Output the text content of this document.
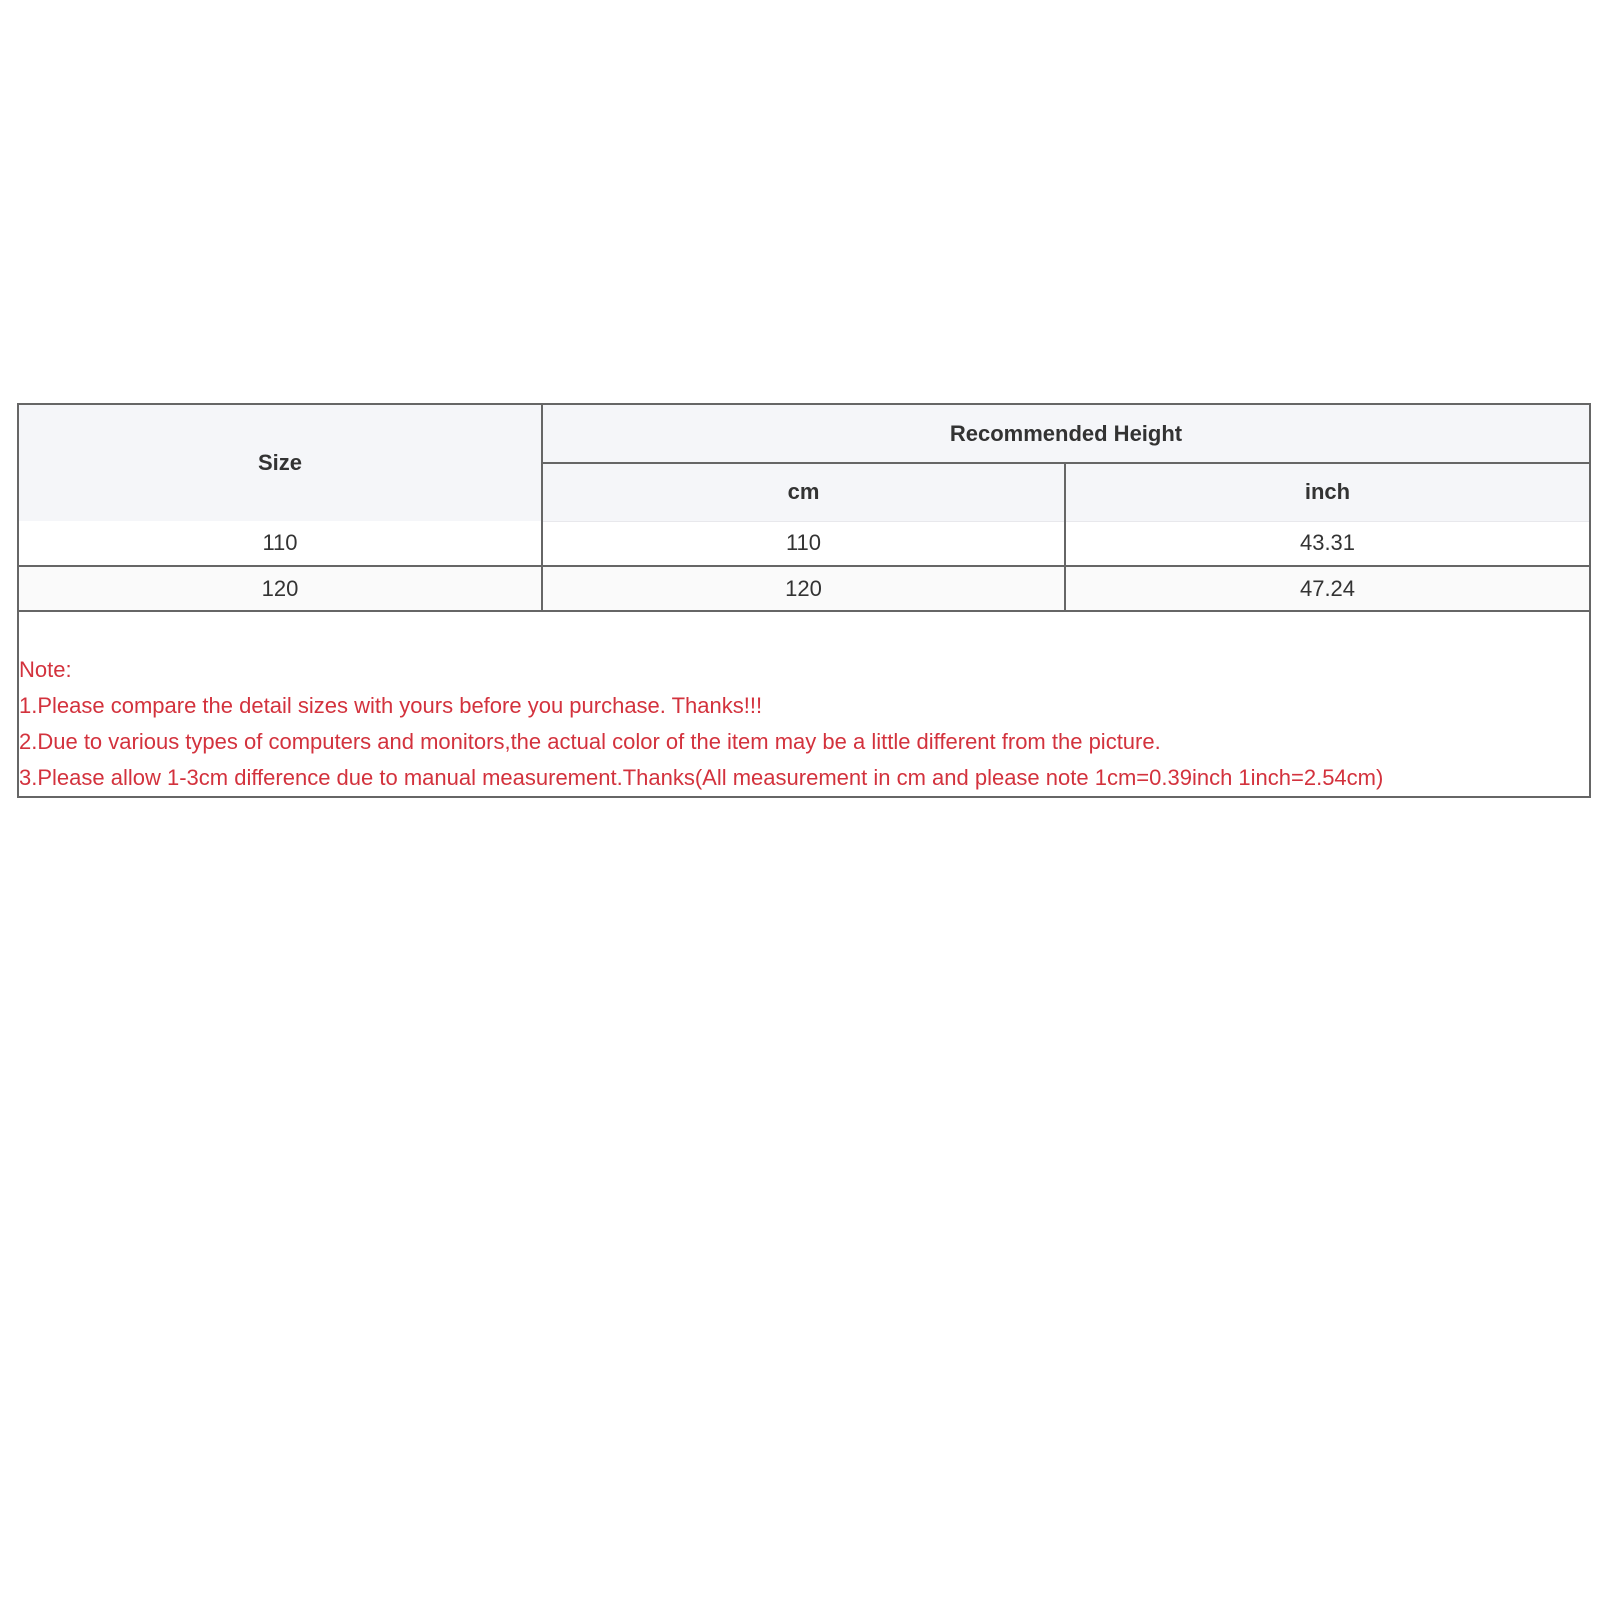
Size	Recommended Height	
	cm	inch
110	110	43.31
120	120	47.24
Note:
1.Please compare the detail sizes with yours before you purchase. Thanks!!!
2.Due to various types of computers and monitors,the actual color of the item may be a little different from the picture.
3.Please allow 1-3cm difference due to manual measurement.Thanks(All measurement in cm and please note 1cm=0.39inch 1inch=2.54cm)
